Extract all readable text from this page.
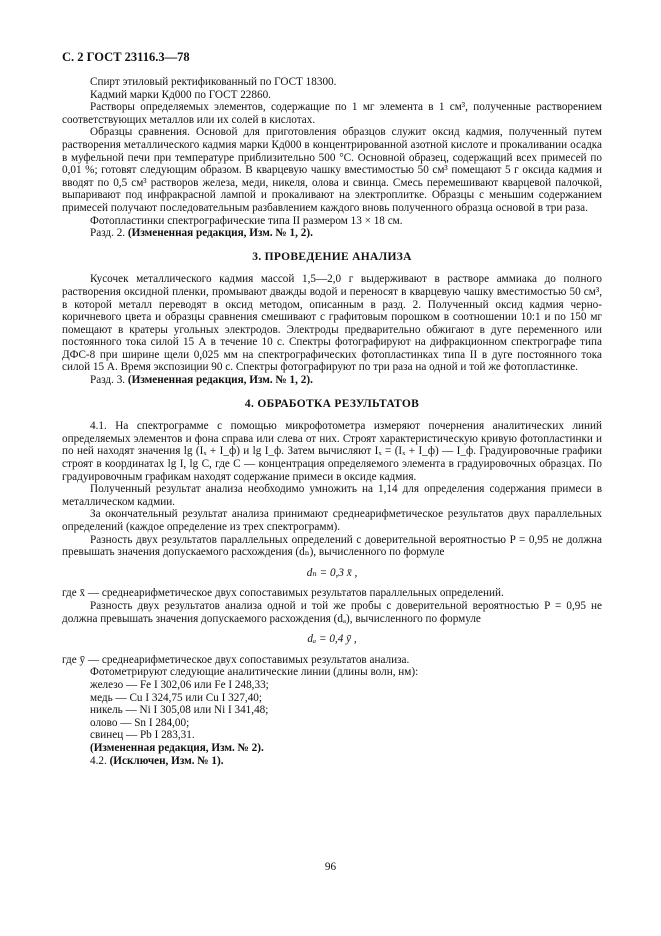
С. 2 ГОСТ 23116.3—78

Спирт этиловый ректификованный по ГОСТ 18300.

Кадмий марки Кд000 по ГОСТ 22860.

Растворы определяемых элементов, содержащие по 1 мг элемента в 1 см³, полученные растворением соответствующих металлов или их солей в кислотах.

Образцы сравнения. Основой для приготовления образцов служит оксид кадмия, полученный путем растворения металлического кадмия марки Кд000 в концентрированной азотной кислоте и прокаливании осадка в муфельной печи при температуре приблизительно 500 °С. Основной образец, содержащий всех примесей по 0,01 %; готовят следующим образом. В кварцевую чашку вместимостью 50 см³ помещают 5 г оксида кадмия и вводят по 0,5 см³ растворов железа, меди, никеля, олова и свинца. Смесь перемешивают кварцевой палочкой, выпаривают под инфракрасной лампой и прокаливают на электроплитке. Образцы с меньшим содержанием примесей получают последовательным разбавлением каждого вновь полученного образца основой в три раза.

Фотопластинки спектрографические типа II размером 13 × 18 см.

Разд. 2. (Измененная редакция, Изм. № 1, 2).

3. ПРОВЕДЕНИЕ АНАЛИЗА

Кусочек металлического кадмия массой 1,5—2,0 г выдерживают в растворе аммиака до полного растворения оксидной пленки, промывают дважды водой и переносят в кварцевую чашку вместимостью 50 см³, в которой металл переводят в оксид методом, описанным в разд. 2. Полученный оксид кадмия черно-коричневого цвета и образцы сравнения смешивают с графитовым порошком в соотношении 10:1 и по 150 мг помещают в кратеры угольных электродов. Электроды предварительно обжигают в дуге переменного или постоянного тока силой 15 А в течение 10 с. Спектры фотографируют на дифракционном спектрографе типа ДФС-8 при ширине щели 0,025 мм на спектрографических фотопластинках типа II в дуге постоянного тока силой 15 А. Время экспозиции 90 с. Спектры фотографируют по три раза на одной и той же фотопластинке.

Разд. 3. (Измененная редакция, Изм. № 1, 2).

4. ОБРАБОТКА РЕЗУЛЬТАТОВ

4.1. На спектрограмме с помощью микрофотометра измеряют почернения аналитических линий определяемых элементов и фона справа или слева от них. Строят характеристическую кривую фотопластинки и по ней находят значения lg (Iₓ + I_ф) и lg I_ф. Затем вычисляют Iₓ = (Iₓ + I_ф) — I_ф. Градуировочные графики строят в координатах lg I, lg C, где C — концентрация определяемого элемента в градуировочных образцах. По градуировочным графикам находят содержание примеси в оксиде кадмия.

Полученный результат анализа необходимо умножить на 1,14 для определения содержания примеси в металлическом кадмии.

За окончательный результат анализа принимают среднеарифметическое результатов двух параллельных определений (каждое определение из трех спектрограмм).

Разность двух результатов параллельных определений с доверительной вероятностью P = 0,95 не должна превышать значения допускаемого расхождения (dₙ), вычисленного по формуле

dₙ = 0,3 x̄ ,

где x̄ — среднеарифметическое двух сопоставимых результатов параллельных определений.

Разность двух результатов анализа одной и той же пробы с доверительной вероятностью P = 0,95 не должна превышать значения допускаемого расхождения (dₐ), вычисленного по формуле

dₐ = 0,4 ȳ ,

где ȳ — среднеарифметическое двух сопоставимых результатов анализа.

Фотометрируют следующие аналитические линии (длины волн, нм):

железо — Fe I 302,06 или Fe I 248,33;

медь — Cu I 324,75 или Cu I 327,40;

никель — Ni I 305,08 или Ni I 341,48;

олово — Sn I 284,00;

свинец — Pb I 283,31.

(Измененная редакция, Изм. № 2).

4.2. (Исключен, Изм. № 1).

96
